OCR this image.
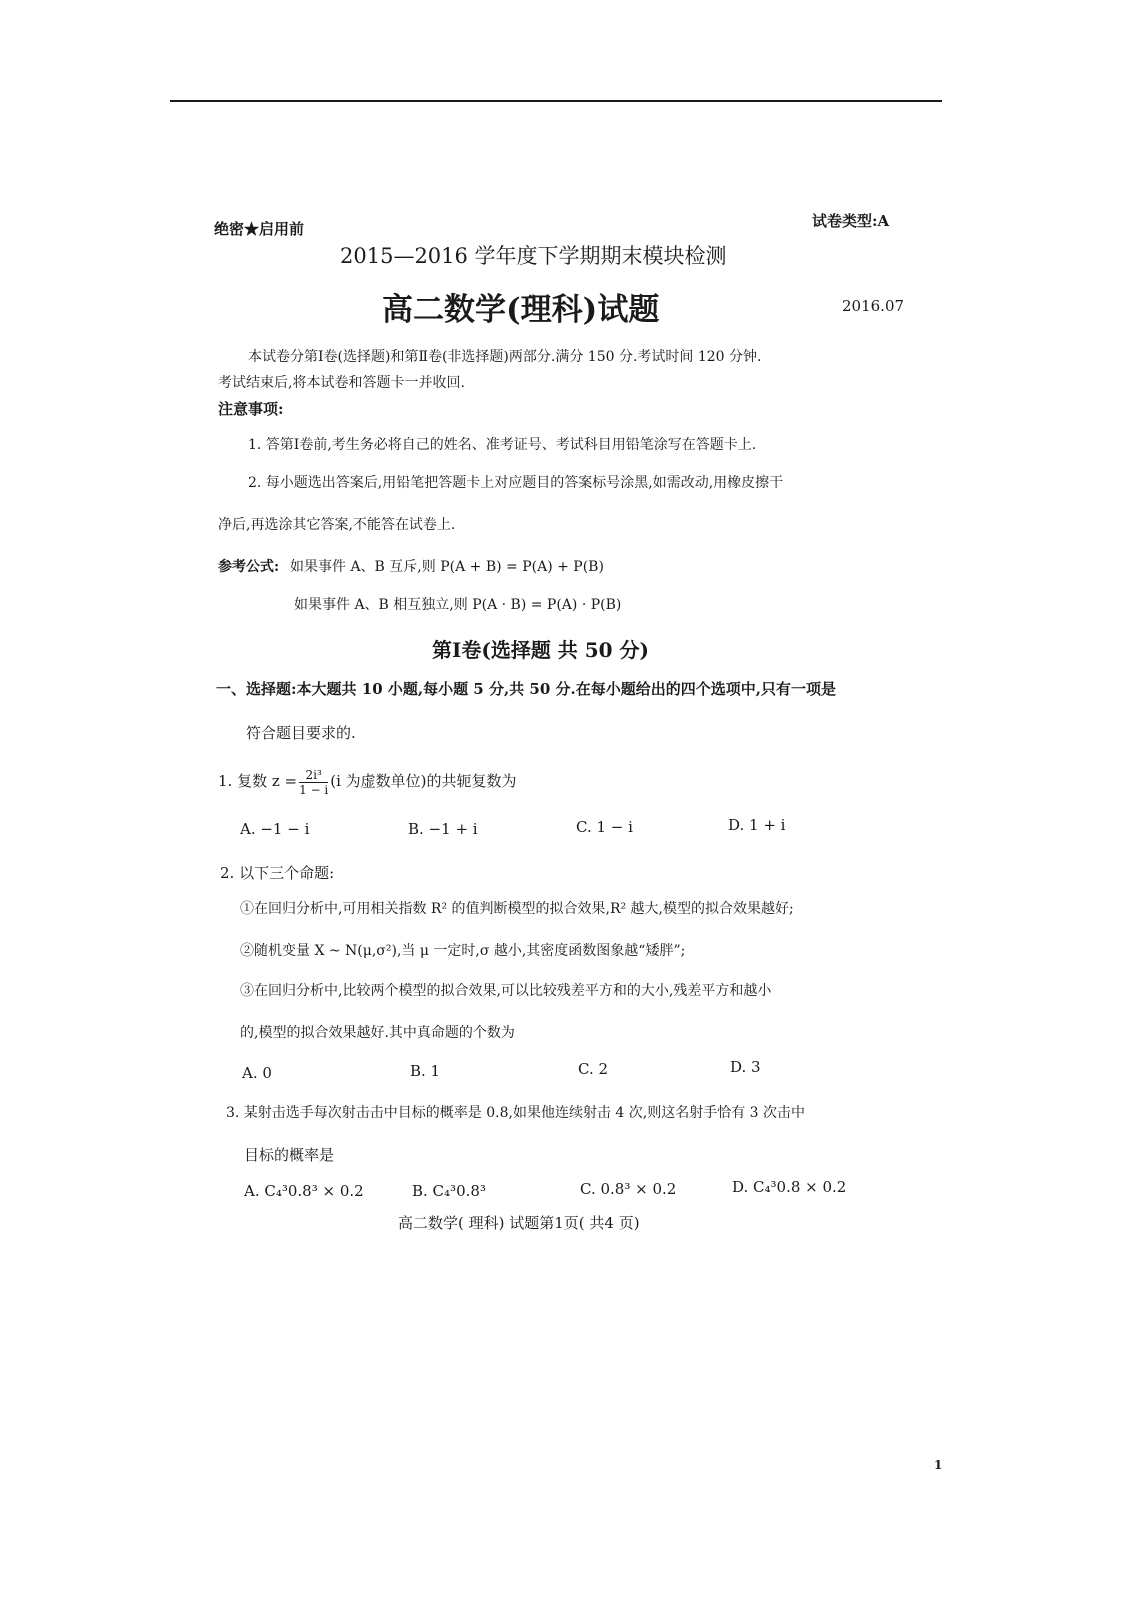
绝密★启用前	试卷类型:A
2015—2016 学年度下学期期末模块检测
高二数学(理科)试题	2016.07
本试卷分第Ⅰ卷(选择题)和第Ⅱ卷(非选择题)两部分.满分 150 分.考试时间 120 分钟.
考试结束后,将本试卷和答题卡一并收回.
注意事项:
1. 答第Ⅰ卷前,考生务必将自己的姓名、准考证号、考试科目用铅笔涂写在答题卡上.
2. 每小题选出答案后,用铅笔把答题卡上对应题目的答案标号涂黑,如需改动,用橡皮擦干
净后,再选涂其它答案,不能答在试卷上.
参考公式: 如果事件 A、B 互斥,则 P(A + B) = P(A) + P(B)
如果事件 A、B 相互独立,则 P(A · B) = P(A) · P(B)
第Ⅰ卷(选择题 共 50 分)
一、选择题:本大题共 10 小题,每小题 5 分,共 50 分.在每小题给出的四个选项中,只有一项是
符合题目要求的.
1. 复数 $z = \frac{\text{2i³}}{1 - i} (i$ 为虚数单位)的共轭复数为
A. −1 − i	B. −1 + i	C. 1 − i	D. 1 + i
2. 以下三个命题:
①在回归分析中,可用相关指数 R² 的值判断模型的拟合效果,R² 越大,模型的拟合效果越好;
②随机变量 X ~ N(μ,σ²),当 μ 一定时,σ 越小,其密度函数图象越“矮胖”;
③在回归分析中,比较两个模型的拟合效果,可以比较残差平方和的大小,残差平方和越小
的,模型的拟合效果越好.其中真命题的个数为
A. 0	B. 1	C. 2	D. 3
3. 某射击选手每次射击击中目标的概率是 0.8,如果他连续射击 4 次,则这名射手恰有 3 次击中
目标的概率是
A. C₄³0.8³ × 0.2	B. C₄³0.8³	C. 0.8³ × 0.2	D. C₄³0.8 × 0.2
高二数学( 理科) 试题第1页( 共4 页)
1
